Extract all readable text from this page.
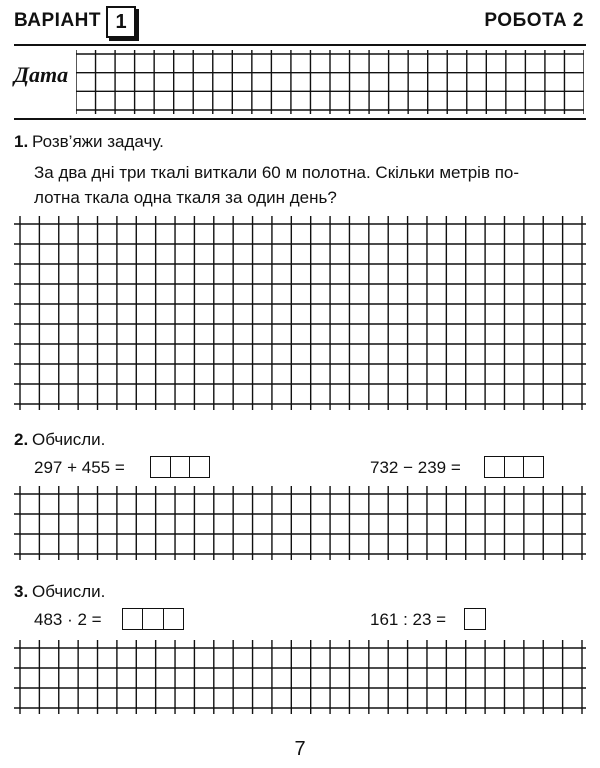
ВАРІАНТ 1	РОБОТА 2
Дата
1. Розв’яжи задачу.
За два дні три ткалі виткали 60 м полотна. Скільки метрів по-
лотна ткала одна ткаля за один день?
2. Обчисли.
297 + 455 =	732 − 239 =
3. Обчисли.
483 · 2 =	161 : 23 =
7
